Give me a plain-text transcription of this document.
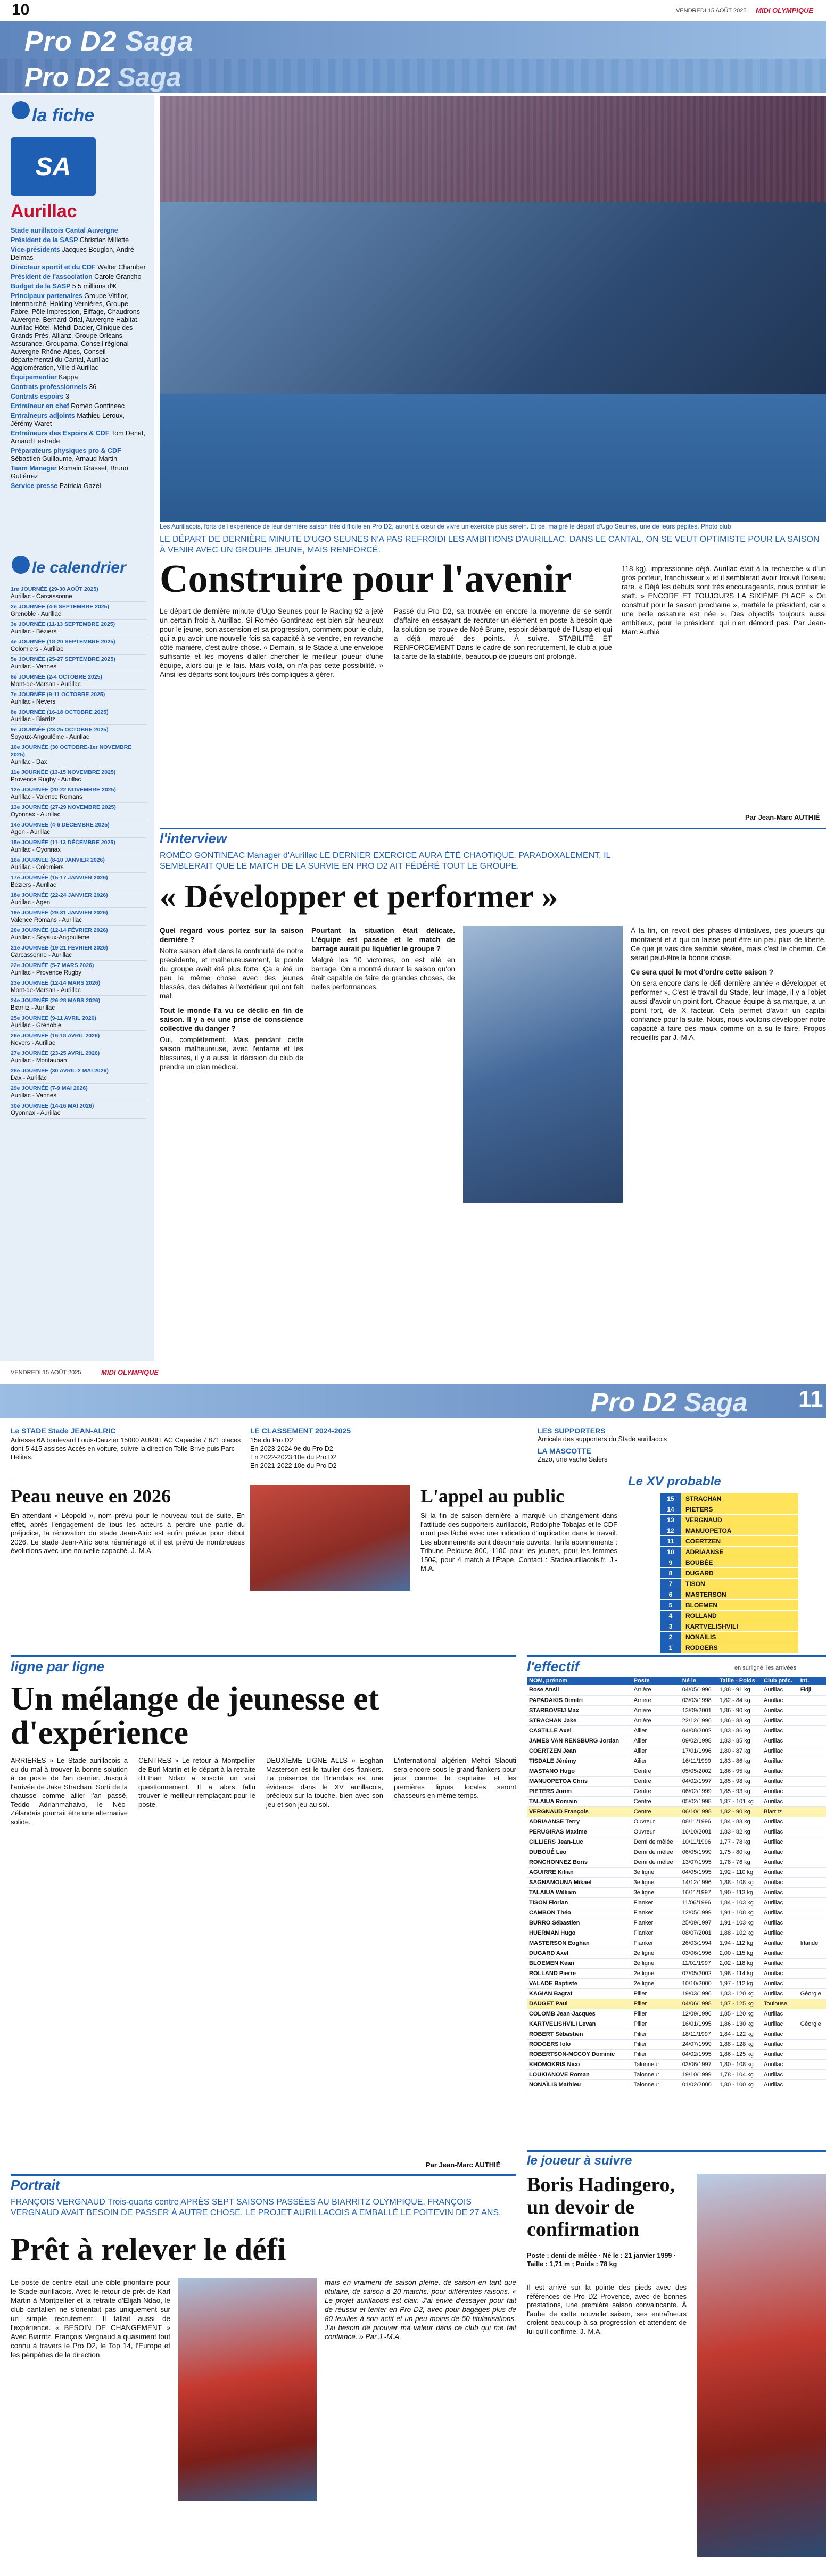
10	VENDREDI 15 AOÛT 2025 MIDI OLYMPIQUE
Pro D2 Saga
Pro D2 Saga
la fiche
SA
Aurillac
Stade aurillacois Cantal Auvergne
Président de la SASP Christian Millette
Vice-présidents Jacques Bouglon, André Delmas
Directeur sportif et du CDF Walter Chamber
Président de l'association Carole Grancho
Budget de la SASP 5,5 millions d'€
Principaux partenaires Groupe Vitiflor, Intermarché, Holding Vernières, Groupe Fabre, Pôle Impression, Eiffage, Chaudrons Auvergne, Bernard Orial, Auvergne Habitat, Aurillac Hôtel, Méhdi Dacier, Clinique des Grands-Prés, Allianz, Groupe Orléans Assurance, Groupama, Conseil régional Auvergne-Rhône-Alpes, Conseil départemental du Cantal, Aurillac Agglomération, Ville d'Aurillac
Équipementier Kappa
Contrats professionnels 36
Contrats espoirs 3
Entraîneur en chef Roméo Gontineac
Entraîneurs adjoints Mathieu Leroux, Jérémy Waret
Entraîneurs des Espoirs & CDF Tom Denat, Arnaud Lestrade
Préparateurs physiques pro & CDF Sébastien Guillaume, Arnaud Martin
Team Manager Romain Grasset, Bruno Gutiérrez
Service presse Patricia Gazel
le calendrier
1re JOURNÉE (29-30 AOÛT 2025)
Aurillac - Carcassonne
2e JOURNÉE (4-6 SEPTEMBRE 2025)
Grenoble - Aurillac
3e JOURNÉE (11-13 SEPTEMBRE 2025)
Aurillac - Béziers
4e JOURNÉE (18-20 SEPTEMBRE 2025)
Colomiers - Aurillac
5e JOURNÉE (25-27 SEPTEMBRE 2025)
Aurillac - Vannes
6e JOURNÉE (2-4 OCTOBRE 2025)
Mont-de-Marsan - Aurillac
7e JOURNÉE (9-11 OCTOBRE 2025)
Aurillac - Nevers
8e JOURNÉE (16-18 OCTOBRE 2025)
Aurillac - Biarritz
9e JOURNÉE (23-25 OCTOBRE 2025)
Soyaux-Angoulême - Aurillac
10e JOURNÉE (30 OCTOBRE-1er NOVEMBRE 2025)
Aurillac - Dax
11e JOURNÉE (13-15 NOVEMBRE 2025)
Provence Rugby - Aurillac
12e JOURNÉE (20-22 NOVEMBRE 2025)
Aurillac - Valence Romans
13e JOURNÉE (27-29 NOVEMBRE 2025)
Oyonnax - Aurillac
14e JOURNÉE (4-6 DÉCEMBRE 2025)
Agen - Aurillac
15e JOURNÉE (11-13 DÉCEMBRE 2025)
Aurillac - Oyonnax
16e JOURNÉE (8-10 JANVIER 2026)
Aurillac - Colomiers
17e JOURNÉE (15-17 JANVIER 2026)
Béziers - Aurillac
18e JOURNÉE (22-24 JANVIER 2026)
Aurillac - Agen
19e JOURNÉE (29-31 JANVIER 2026)
Valence Romans - Aurillac
20e JOURNÉE (12-14 FÉVRIER 2026)
Aurillac - Soyaux-Angoulême
21e JOURNÉE (19-21 FÉVRIER 2026)
Carcassonne - Aurillac
22e JOURNÉE (5-7 MARS 2026)
Aurillac - Provence Rugby
23e JOURNÉE (12-14 MARS 2026)
Mont-de-Marsan - Aurillac
24e JOURNÉE (26-28 MARS 2026)
Biarritz - Aurillac
25e JOURNÉE (9-11 AVRIL 2026)
Aurillac - Grenoble
26e JOURNÉE (16-18 AVRIL 2026)
Nevers - Aurillac
27e JOURNÉE (23-25 AVRIL 2026)
Aurillac - Montauban
28e JOURNÉE (30 AVRIL-2 MAI 2026)
Dax - Aurillac
29e JOURNÉE (7-9 MAI 2026)
Aurillac - Vannes
30e JOURNÉE (14-16 MAI 2026)
Oyonnax - Aurillac
Les Aurillacois, forts de l'expérience de leur dernière saison très difficile en Pro D2, auront à cœur de vivre un exercice plus serein. Et ce, malgré le départ d'Ugo Seunes, une de leurs pépites. Photo club
LE DÉPART DE DERNIÈRE MINUTE D'UGO SEUNES N'A PAS REFROIDI LES AMBITIONS D'AURILLAC. DANS LE CANTAL, ON SE VEUT OPTIMISTE POUR LA SAISON À VENIR AVEC UN GROUPE JEUNE, MAIS RENFORCÉ.
Construire pour l'avenir	118 kg), impressionne déjà. Aurillac était à la recherche « d'un gros porteur, franchisseur » et il semblerait avoir trouvé l'oiseau rare. « Déjà les débuts sont très encourageants, nous confiait le staff. » ENCORE ET TOUJOURS LA SIXIÈME PLACE « On construit pour la saison prochaine », martèle le président, car « une belle ossature est née ». Des objectifs toujours aussi ambitieux, pour le président, qui n'en démord pas. Par Jean-Marc Authié
Le départ de dernière minute d'Ugo Seunes pour le Racing 92 a jeté un certain froid à Aurillac. Si Roméo Gontineac est bien sûr heureux pour le jeune, son ascension et sa progression, comment pour le club, qui a pu avoir une nouvelle fois sa capacité à se vendre, en revanche côté manière, c'est autre chose. « Demain, si le Stade a une envelope suffisante et les moyens d'aller chercher le meilleur joueur d'une équipe, alors oui je le fais. Mais voilà, on n'a pas cette possibilité. » Ainsi les départs sont toujours très compliqués à gérer.
Passé du Pro D2, sa trouvée en encore la moyenne de se sentir d'affaire en essayant de recruter un élément en poste à besoin que la solution se trouve de Noé Brune, espoir débarqué de l'Usap et qui a déjà marqué des points. À suivre. STABILITÉ ET RENFORCEMENT Dans le cadre de son recrutement, le club a joué la carte de la stabilité, beaucoup de joueurs ont prolongé.
Par Jean-Marc AUTHIÉ
l'interview
ROMÉO GONTINEAC Manager d'Aurillac LE DERNIER EXERCICE AURA ÉTÉ CHAOTIQUE. PARADOXALEMENT, IL SEMBLERAIT QUE LE MATCH DE LA SURVIE EN PRO D2 AIT FÉDÉRÉ TOUT LE GROUPE.
« Développer et performer »

Quel regard vous portez sur la saison dernière ?

Notre saison était dans la continuité de notre précédente, et malheureusement, la pointe du groupe avait été plus forte. Ça a été un peu la même chose avec des jeunes blessés, des défaites à l'extérieur qui ont fait mal.

Tout le monde l'a vu ce déclic en fin de saison. Il y a eu une prise de conscience collective du danger ?

Oui, complètement. Mais pendant cette saison malheureuse, avec l'entame et les blessures, il y a aussi la décision du club de prendre un plan médical.

Pourtant la situation était délicate. L'équipe est passée et le match de barrage aurait pu liquéfier le groupe ?

Malgré les 10 victoires, on est allé en barrage. On a montré durant la saison qu'on était capable de faire de grandes choses, de belles performances.

À la fin, on revoit des phases d'initiatives, des joueurs qui montaient et à qui on laisse peut-être un peu plus de liberté. Ce que je vais dire semble sévère, mais c'est le chemin. Ce serait peut-être la bonne chose.

Ce sera quoi le mot d'ordre cette saison ?

On sera encore dans le défi dernière année « développer et performer ». C'est le travail du Stade, leur image, il y a l'objet aussi d'avoir un point fort. Chaque équipe à sa marque, a un point fort, de X facteur. Cela permet d'avoir un capital confiance pour la suite. Nous, nous voulons développer notre capacité à faire des maux comme on a su le faire. Propos recueillis par J.-M.A.

VENDREDI 15 AOÛT 2025	MIDI OLYMPIQUE
Pro D2 Saga 11
Le STADE Stade JEAN-ALRIC
Adresse 6A boulevard Louis-Dauzier 15000 AURILLAC Capacité 7 871 places dont 5 415 assises Accès en voiture, suivre la direction Tolle-Brive puis Parc Hélitas.
LE CLASSEMENT 2024-2025
15e du Pro D2
En 2023-2024 9e du Pro D2
En 2022-2023 10e du Pro D2
En 2021-2022 10e du Pro D2
LES SUPPORTERS
Amicale des supporters du Stade aurillacois
LA MASCOTTE
Zazo, une vache Salers
Peau neuve en 2026
En attendant « Léopold », nom prévu pour le nouveau tout de suite. En effet, après l'engagement de tous les acteurs à perdre une partie du préjudice, la rénovation du stade Jean-Alric est enfin prévue pour début 2026. Le stade Jean-Alric sera réaménagé et il est prévu de nombreuses évolutions avec une nouvelle capacité. J.-M.A.
L'appel au public
Si la fin de saison dernière a marqué un changement dans l'attitude des supporters aurillacois, Rodolphe Tobajas et le CDF n'ont pas lâché avec une indication d'implication dans le travail. Les abonnements sont désormais ouverts. Tarifs abonnements : Tribune Pelouse 80€, 110€ pour les jeunes, pour les femmes 150€, pour 4 match à l'Étape. Contact : Stadeaurillacois.fr. J.-M.A.
Le XV probable
15	STRACHAN
14	PIETERS
13	VERGNAUD
12	MANUOPETOA
11	COERTZEN
10	ADRIAANSE
9	BOUBÉE
8	DUGARD
7	TISON
6	MASTERSON
5	BLOEMEN
4	ROLLAND
3	KARTVELISHVILI
2	NONAÏLIS
1	RODGERS
ligne par ligne
Un mélange de jeunesse et d'expérience
ARRIÈRES » Le Stade aurillacois a eu du mal à trouver la bonne solution à ce poste de l'an dernier. Jusqu'à l'arrivée de Jake Strachan. Sorti de la chausse comme ailier l'an passé, Teddo Adrianmahaivo, le Néo-Zélandais pourrait être une alternative solide.
CENTRES » Le retour à Montpellier de Burl Martin et le départ à la retraite d'Ethan Ndao a suscité un vrai questionnement. Il a alors fallu trouver le meilleur remplaçant pour le poste.
DEUXIÈME LIGNE ALLS » Eoghan Masterson est le taulier des flankers. La présence de l'Irlandais est une évidence dans le XV aurillacois, précieux sur la touche, bien avec son jeu et son jeu au sol.
L'international algérien Mehdi Slaouti sera encore sous le grand flankers pour jeux comme le capitaine et les premières lignes locales seront chasseurs en même temps.
Par Jean-Marc AUTHIÉ
l'effectif	en surligné, les arrivées
NOM, prénom	Poste	Né le	Taille - Poids	Club préc.	Int.
Rose Ansil	Arrière	04/05/1996	1,88 - 91 kg	Aurillac	Fidji
PAPADAKIS Dimitri	Arrière	03/03/1998	1,82 - 84 kg	Aurillac	
STARBOVEIJ Max	Arrière	13/09/2001	1,86 - 90 kg	Aurillac	
STRACHAN Jake	Arrière	22/12/1996	1,86 - 88 kg	Aurillac	
CASTILLE Axel	Ailier	04/08/2002	1,83 - 86 kg	Aurillac	
JAMES VAN RENSBURG Jordan	Ailier	09/02/1998	1,83 - 85 kg	Aurillac	
COERTZEN Jean	Ailier	17/01/1996	1,80 - 87 kg	Aurillac	
TISDALE Jérémy	Ailier	16/11/1999	1,83 - 86 kg	Aurillac	
MASTANO Hugo	Centre	05/05/2002	1,86 - 95 kg	Aurillac	
MANUOPETOA Chris	Centre	04/02/1997	1,85 - 98 kg	Aurillac	
PIETERS Jorim	Centre	06/02/1999	1,85 - 93 kg	Aurillac	
TALAIUA Romain	Centre	05/02/1998	1,87 - 101 kg	Aurillac	
VERGNAUD François	Centre	06/10/1998	1,82 - 90 kg	Biarritz	
ADRIAANSE Terry	Ouvreur	08/11/1996	1,84 - 88 kg	Aurillac	
PERUGIRAS Maxime	Ouvreur	16/10/2001	1,83 - 82 kg	Aurillac	
CILLIERS Jean-Luc	Demi de mêlée	10/11/1996	1,77 - 78 kg	Aurillac	
DUBOUÉ Léo	Demi de mêlée	06/05/1999	1,75 - 80 kg	Aurillac	
RONCHONNEZ Boris	Demi de mêlée	13/07/1995	1,78 - 76 kg	Aurillac	
AGUIRRE Kilian	3e ligne	04/05/1995	1,92 - 110 kg	Aurillac	
SAGNAMOUNA Mikael	3e ligne	14/12/1996	1,88 - 108 kg	Aurillac	
TALAIUA William	3e ligne	16/11/1997	1,90 - 113 kg	Aurillac	
TISON Florian	Flanker	11/06/1996	1,84 - 103 kg	Aurillac	
CAMBON Théo	Flanker	12/05/1999	1,91 - 108 kg	Aurillac	
BURRO Sébastien	Flanker	25/09/1997	1,91 - 103 kg	Aurillac	
HUERMAN Hugo	Flanker	08/07/2001	1,88 - 102 kg	Aurillac	
MASTERSON Eoghan	Flanker	26/03/1994	1,94 - 112 kg	Aurillac	Irlande
DUGARD Axel	2e ligne	03/06/1996	2,00 - 115 kg	Aurillac	
BLOEMEN Kean	2e ligne	11/01/1997	2,02 - 118 kg	Aurillac	
ROLLAND Pierre	2e ligne	07/05/2002	1,98 - 114 kg	Aurillac	
VALADE Baptiste	2e ligne	10/10/2000	1,97 - 112 kg	Aurillac	
KAGIAN Bagrat	Pilier	19/03/1996	1,83 - 120 kg	Aurillac	Géorgie
DAUGET Paul	Pilier	04/06/1998	1,87 - 125 kg	Toulouse	
COLOMB Jean-Jacques	Pilier	12/09/1996	1,85 - 120 kg	Aurillac	
KARTVELISHVILI Levan	Pilier	16/01/1995	1,86 - 130 kg	Aurillac	Géorgie
ROBERT Sébastien	Pilier	18/11/1997	1,84 - 122 kg	Aurillac	
RODGERS Iolo	Pilier	24/07/1999	1,88 - 128 kg	Aurillac	
ROBERTSON-MCCOY Dominic	Pilier	04/02/1995	1,86 - 125 kg	Aurillac	
KHOMOKRIS Nico	Talonneur	03/06/1997	1,80 - 108 kg	Aurillac	
LOUKIANOVE Roman	Talonneur	19/10/1999	1,78 - 104 kg	Aurillac	
NONAÏLIS Mathieu	Talonneur	01/02/2000	1,80 - 100 kg	Aurillac	
le joueur à suivre
Boris Hadingero, un devoir de confirmation
Poste : demi de mêlée · Né le : 21 janvier 1999 · Taille : 1,71 m ; Poids : 78 kg
Il est arrivé sur la pointe des pieds avec des références de Pro D2 Provence, avec de bonnes prestations, une première saison convaincante. À l'aube de cette nouvelle saison, ses entraîneurs croient beaucoup à sa progression et attendent de lui qu'il confirme. J.-M.A.
Portrait
FRANÇOIS VERGNAUD Trois-quarts centre APRÈS SEPT SAISONS PASSÉES AU BIARRITZ OLYMPIQUE, FRANÇOIS VERGNAUD AVAIT BESOIN DE PASSER À AUTRE CHOSE. LE PROJET AURILLACOIS A EMBALLÉ LE POITEVIN DE 27 ANS.
Prêt à relever le défi
Le poste de centre était une cible prioritaire pour le Stade aurillacois. Avec le retour de prêt de Karl Martin à Montpellier et la retraite d'Elijah Ndao, le club cantalien ne s'orientait pas uniquement sur un simple recrutement. Il fallait aussi de l'expérience. « BESOIN DE CHANGEMENT » Avec Biarritz, François Vergnaud a quasiment tout connu à travers le Pro D2, le Top 14, l'Europe et les péripéties de la direction.
mais en vraiment de saison pleine, de saison en tant que titulaire, de saison à 20 matchs, pour différentes raisons. « Le projet aurillacois est clair. J'ai envie d'essayer pour fait de réussir et tenter en Pro D2, avec pour bagages plus de 80 feuilles à son actif et un peu moins de 50 titularisations. J'ai besoin de prouver ma valeur dans ce club qui me fait confiance. » Par J.-M.A.
